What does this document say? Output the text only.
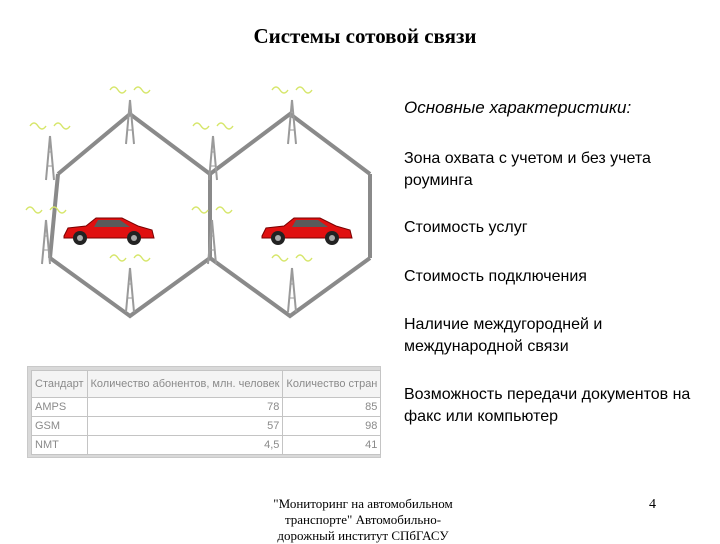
Системы сотовой связи
Основные характеристики:
Зона охвата с учетом и без учета роуминга
Стоимость услуг
Стоимость подключения
Наличие междугородней и международной связи
Возможность передачи документов на факс или компьютер
Стандарт	Количество абонентов, млн. человек	Количество стран
AMPS	78	85
GSM	57	98
NMT	4,5	41
"Мониторинг на автомобильном транспорте" Автомобильно-дорожный институт СПбГАСУ
4
